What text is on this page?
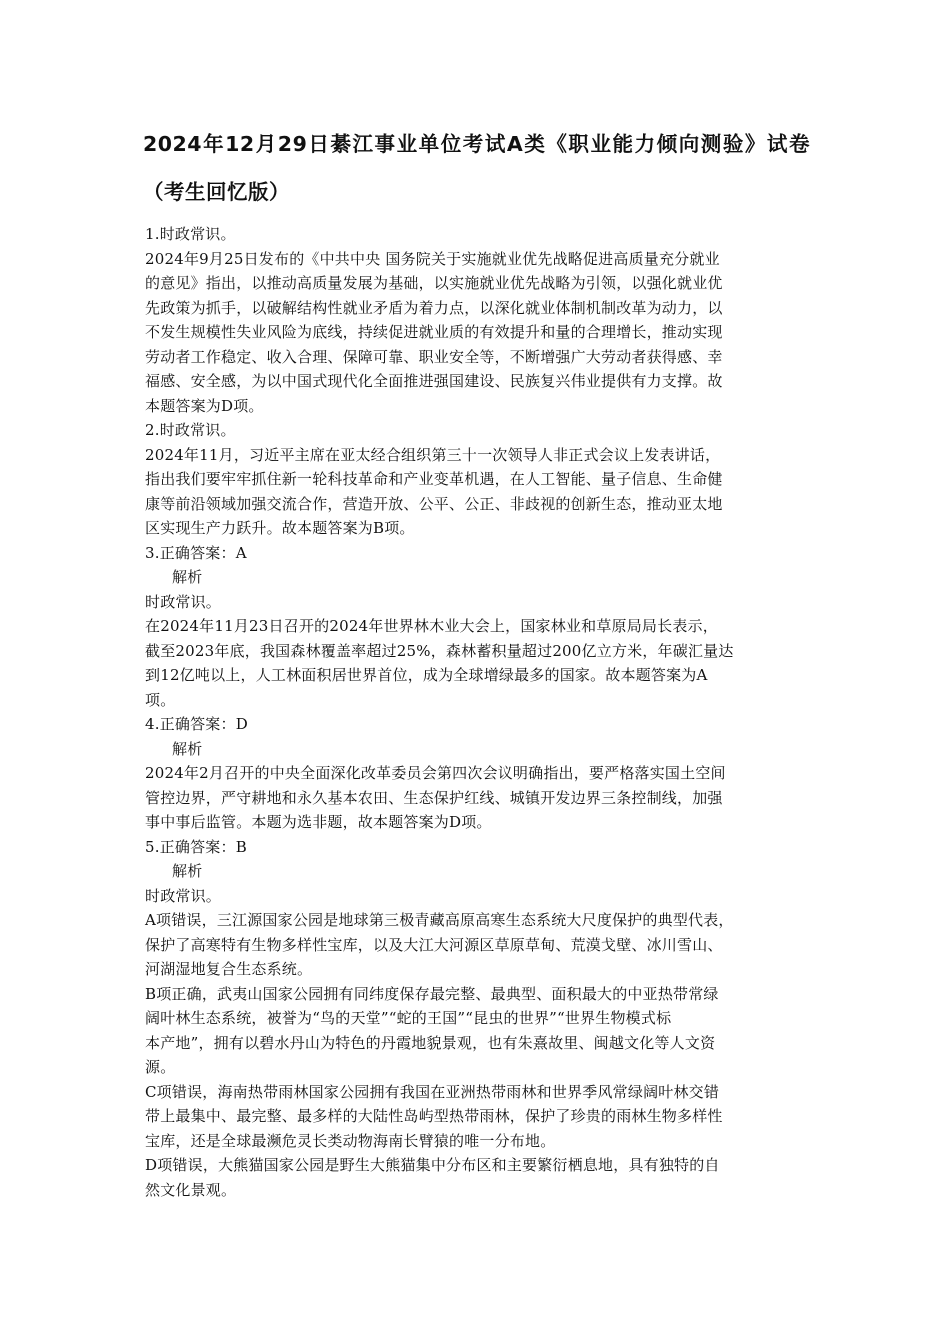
2024年12月29日綦江事业单位考试A类《职业能力倾向测验》试卷（考生回忆版）
1.时政常识。
2024年9月25日发布的《中共中央 国务院关于实施就业优先战略促进高质量充分就业
的意见》指出，以推动高质量发展为基础，以实施就业优先战略为引领，以强化就业优
先政策为抓手，以破解结构性就业矛盾为着力点，以深化就业体制机制改革为动力，以
不发生规模性失业风险为底线，持续促进就业质的有效提升和量的合理增长，推动实现
劳动者工作稳定、收入合理、保障可靠、职业安全等，不断增强广大劳动者获得感、幸
福感、安全感，为以中国式现代化全面推进强国建设、民族复兴伟业提供有力支撑。故
本题答案为D项。
2.时政常识。
2024年11月，习近平主席在亚太经合组织第三十一次领导人非正式会议上发表讲话，
指出我们要牢牢抓住新一轮科技革命和产业变革机遇，在人工智能、量子信息、生命健
康等前沿领域加强交流合作，营造开放、公平、公正、非歧视的创新生态，推动亚太地
区实现生产力跃升。故本题答案为B项。
3.正确答案：A
解析
时政常识。
在2024年11月23日召开的2024年世界林木业大会上，国家林业和草原局局长表示，
截至2023年底，我国森林覆盖率超过25%，森林蓄积量超过200亿立方米，年碳汇量达
到12亿吨以上，人工林面积居世界首位，成为全球增绿最多的国家。故本题答案为A
项。
4.正确答案：D
解析
2024年2月召开的中央全面深化改革委员会第四次会议明确指出，要严格落实国土空间
管控边界，严守耕地和永久基本农田、生态保护红线、城镇开发边界三条控制线，加强
事中事后监管。本题为选非题，故本题答案为D项。
5.正确答案：B
解析
时政常识。
A项错误，三江源国家公园是地球第三极青藏高原高寒生态系统大尺度保护的典型代表，
保护了高寒特有生物多样性宝库，以及大江大河源区草原草甸、荒漠戈壁、冰川雪山、
河湖湿地复合生态系统。
B项正确，武夷山国家公园拥有同纬度保存最完整、最典型、面积最大的中亚热带常绿
阔叶林生态系统，被誉为“鸟的天堂”“蛇的王国”“昆虫的世界”“世界生物模式标
本产地”，拥有以碧水丹山为特色的丹霞地貌景观，也有朱熹故里、闽越文化等人文资
源。
C项错误，海南热带雨林国家公园拥有我国在亚洲热带雨林和世界季风常绿阔叶林交错
带上最集中、最完整、最多样的大陆性岛屿型热带雨林，保护了珍贵的雨林生物多样性
宝库，还是全球最濒危灵长类动物海南长臂猿的唯一分布地。
D项错误，大熊猫国家公园是野生大熊猫集中分布区和主要繁衍栖息地，具有独特的自
然文化景观。
